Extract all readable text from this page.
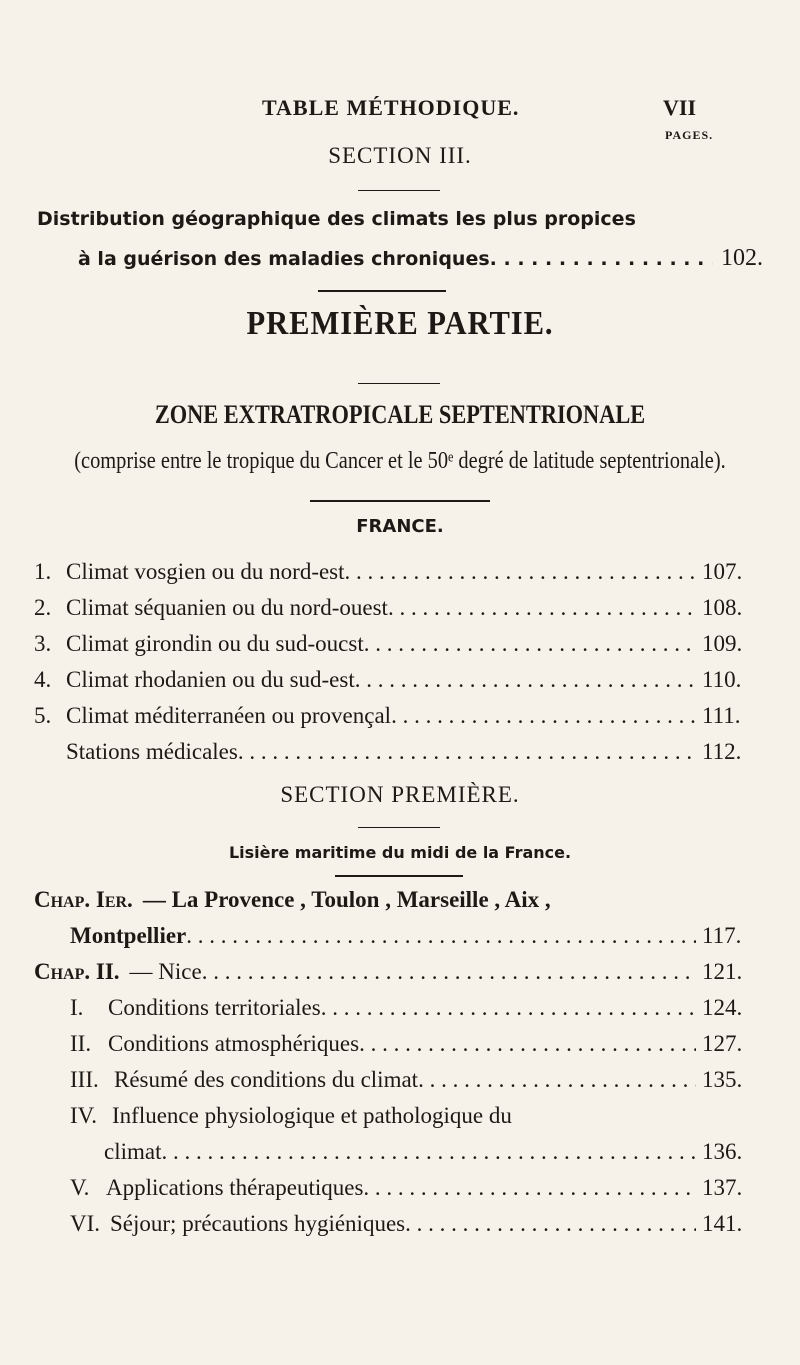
TABLE MÉTHODIQUE.	VII
PAGES.
SECTION III.
Distribution géographique des climats les plus propices
à la guérison des maladies chroniques . . .	102.
PREMIÈRE PARTIE.
ZONE EXTRATROPICALE SEPTENTRIONALE
(comprise entre le tropique du Cancer et le 50ᵉ degré de latitude septentrionale).
FRANCE.
1. Climat vosgien ou du nord-est . . .	107.
2. Climat séquanien ou du nord-ouest . . .	108.
3. Climat girondin ou du sud-oucst . . .	109.
4. Climat rhodanien ou du sud-est . . .	110.
5. Climat méditerranéen ou provençal . . .	111.
Stations médicales . . .	112.
SECTION PREMIÈRE.
Lisière maritime du midi de la France.
Chap. Ier. — La Provence , Toulon , Marseille , Aix ,
Montpellier . . .	117.
Chap. II. — Nice . . .	121.
I.	Conditions territoriales . . .	124.
II. Conditions atmosphériques . . .	127.
III. Résumé des conditions du climat . . .	135.
IV. Influence physiologique et pathologique du
climat . . .	136.
V. Applications thérapeutiques . . .	137.
VI. Séjour; précautions hygiéniques . . .	141.
